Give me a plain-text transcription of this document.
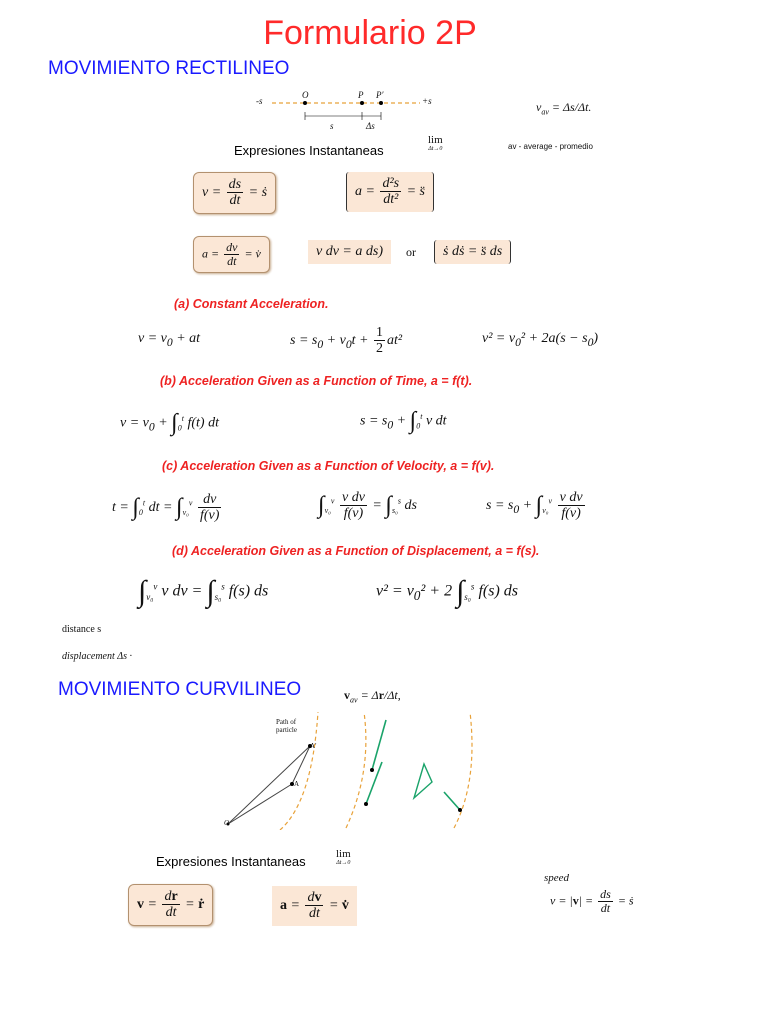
Formulario 2P
MOVIMIENTO RECTILINEO
-s	+s
O	P P′
s	Δs
$v_{av} = \Delta s/\Delta t$.
Expresiones Instantaneas
lim
Δt→0	av - average - promedio
$v = \frac{ds}{dt}$ = ṡ	$a = \frac{\text{d²s}}{\text{dt²}}$ = s̈
$a = \frac{dv}{dt}$ = v̇	v dv = a ds)	or	ṡ dṡ = s̈ ds
(a) Constant Acceleration.
$v = v_0$ + at	$s = s_0 + v_0t + \frac{1}{2} at^2$	$v^2 = v_0^2 + 2a(s - s_0)$
(b) Acceleration Given as a Function of Time, a = f(t).
$v = v_0 + \int_0^t$ f(t) dt	$s = s_0 + \int_0^t$ v dt
(c) Acceleration Given as a Function of Velocity, a = f(v).
$t = \int_0^t$ dt = $\int_{v_0}^v \frac{dv}{f(v)}$	$\int_{v_0}^v \frac{\text{v dv}}{f(v)} = \int_{s_0}^s$ ds	$s = s_0 + \int_{v_0}^v \frac{\text{v dv}}{f(v)}$
(d) Acceleration Given as a Function of Displacement, a = f(s).
$\int_{v_0}^v$ v dv = $\int_{s_0}^s$ f(s) ds	$v^2 = v_0^2 + 2$ $\int_{s_0}^s$ f(s) ds
distance s
displacement Δs ·
MOVIMIENTO CURVILINEO	$v_{av} = \Delta r/\Delta t$,
Path of
particle
O
A
A′
Expresiones Instantaneas	lim
Δt→0
speed
$v = \frac{dr}{dt}$ = ṙ	$a = \frac{dv}{dt}$ = v̇	$v = |v| = \frac{ds}{dt}$ = ṡ
